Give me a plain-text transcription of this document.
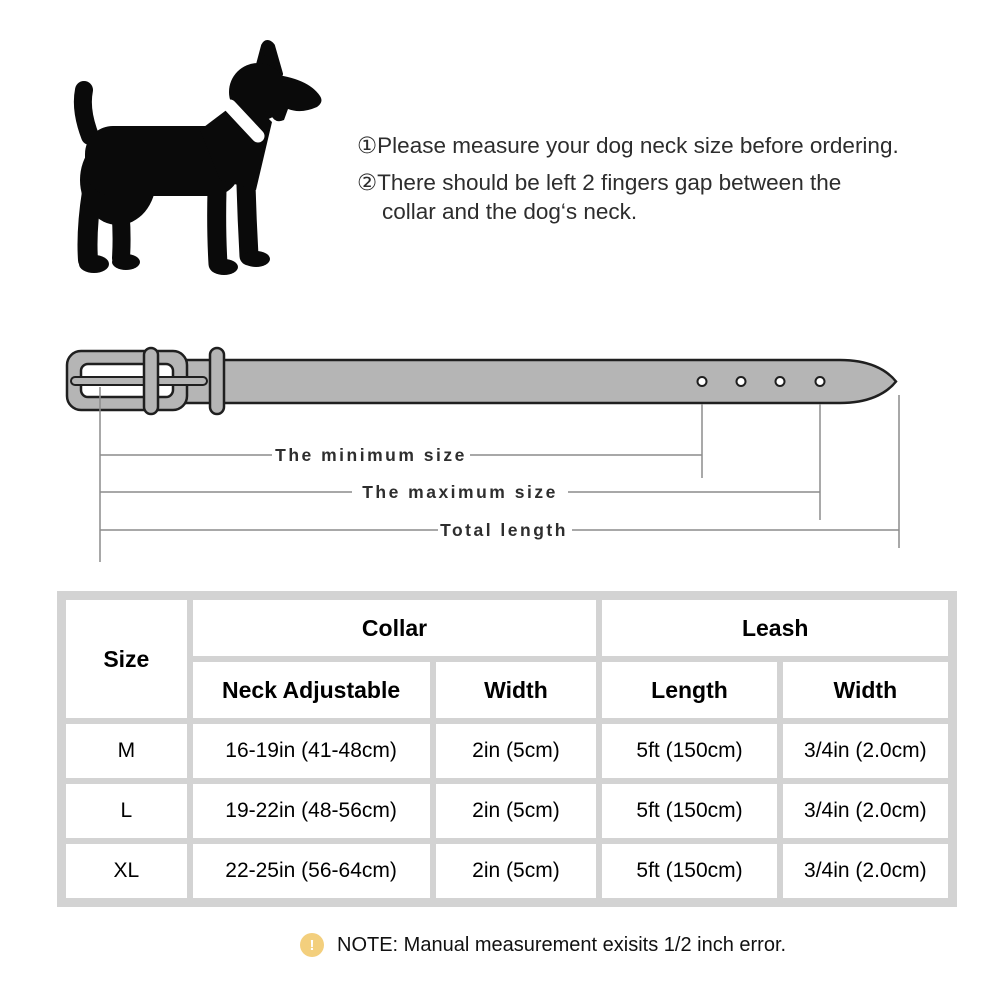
①Please measure your dog neck size before ordering.
②There should be left 2 fingers gap between the
collar and the dog‘s neck.
The minimum size
The maximum size
Total length
Size	Collar		Leash	
	Neck Adjustable	Width	Length	Width
M	16-19in (41-48cm)	2in (5cm)	5ft (150cm)	3/4in (2.0cm)
L	19-22in (48-56cm)	2in (5cm)	5ft (150cm)	3/4in (2.0cm)
XL	22-25in (56-64cm)	2in (5cm)	5ft (150cm)	3/4in (2.0cm)
!	NOTE: Manual measurement exisits 1/2 inch error.
